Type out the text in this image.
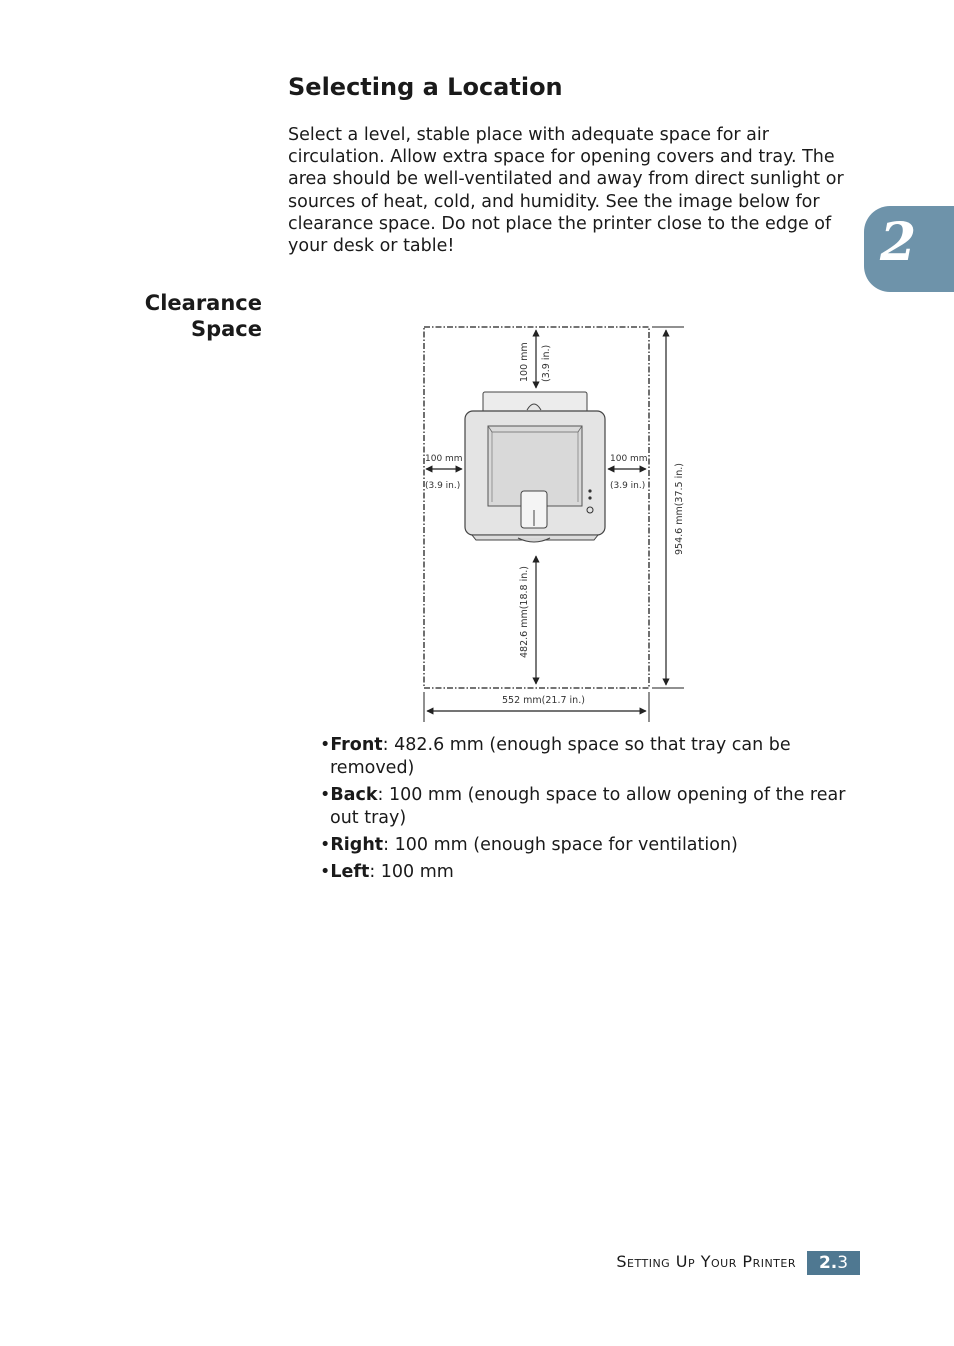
Selecting a Location

Select a level, stable place with adequate space for air circulation. Allow extra space for opening covers and tray. The area should be well-ventilated and away from direct sunlight or sources of heat, cold, and humidity. See the image below for clearance space. Do not place the printer close to the edge of your desk or table!	2
Clearance
Space
100 mm (3.9 in.)
100 mm
(3.9 in.)
100 mm
(3.9 in.)
482.6 mm(18.8 in.)
954.6 mm(37.5 in.)
552 mm(21.7 in.)
•Front: 482.6 mm (enough space so that tray can be removed)
•Back: 100 mm (enough space to allow opening of the rear out tray)
•Right: 100 mm (enough space for ventilation)
•Left: 100 mm
Setting Up Your Printer	2.3
